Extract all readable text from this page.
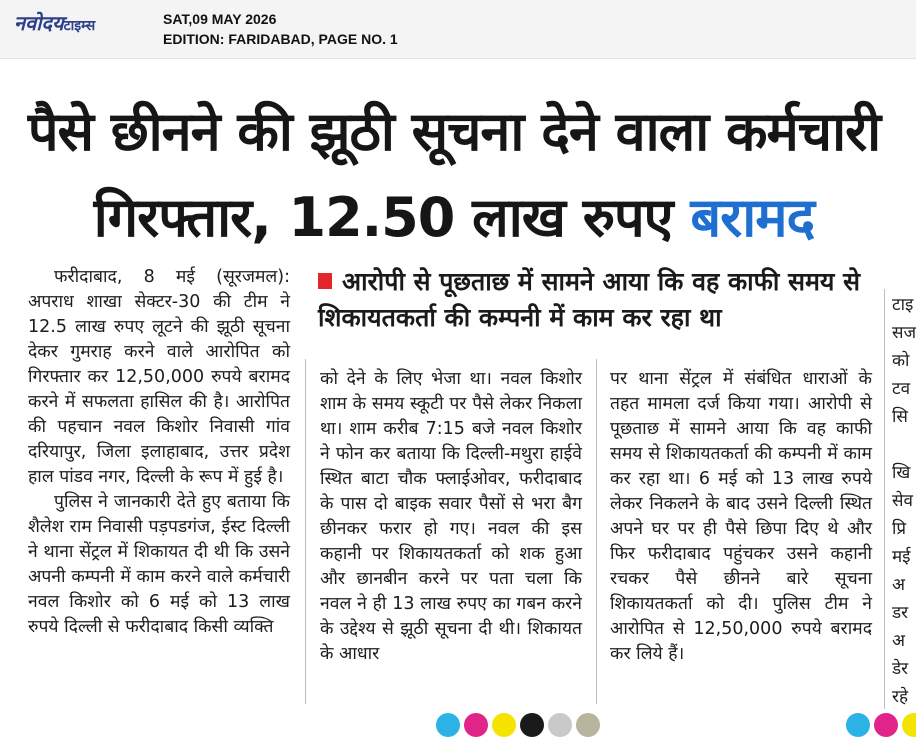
नवोदयटाइम्स	SAT,09 MAY 2026
EDITION: FARIDABAD, PAGE NO. 1
पैसे छीनने की झूठी सूचना देने वाला कर्मचारी
गिरफ्तार, 12.50 लाख रुपए बरामद
आरोपी से पूछताछ में सामने आया कि वह काफी समय से शिकायतकर्ता की कम्पनी में काम कर रहा था

फरीदाबाद, 8 मई (सूरजमल): अपराध शाखा सेक्टर-30 की टीम ने 12.5 लाख रुपए लूटने की झूठी सूचना देकर गुमराह करने वाले आरोपित को गिरफ्तार कर 12,50,000 रुपये बरामद करने में सफलता हासिल की है। आरोपित की पहचान नवल किशोर निवासी गांव दरियापुर, जिला इलाहाबाद, उत्तर प्रदेश हाल पांडव नगर, दिल्ली के रूप में हुई है।

पुलिस ने जानकारी देते हुए बताया कि शैलेश राम निवासी पड़पडगंज, ईस्ट दिल्ली ने थाना सेंट्रल में शिकायत दी थी कि उसने अपनी कम्पनी में काम करने वाले कर्मचारी नवल किशोर को 6 मई को 13 लाख रुपये दिल्ली से फरीदाबाद किसी व्यक्ति

को देने के लिए भेजा था। नवल किशोर शाम के समय स्कूटी पर पैसे लेकर निकला था। शाम करीब 7:15 बजे नवल किशोर ने फोन कर बताया कि दिल्ली-मथुरा हाईवे स्थित बाटा चौक फ्लाईओवर, फरीदाबाद के पास दो बाइक सवार पैसों से भरा बैग छीनकर फरार हो गए। नवल की इस कहानी पर शिकायतकर्ता को शक हुआ और छानबीन करने पर पता चला कि नवल ने ही 13 लाख रुपए का गबन करने के उद्देश्य से झूठी सूचना दी थी। शिकायत के आधार

पर थाना सेंट्रल में संबंधित धाराओं के तहत मामला दर्ज किया गया। आरोपी से पूछताछ में सामने आया कि वह काफी समय से शिकायतकर्ता की कम्पनी में काम कर रहा था। 6 मई को 13 लाख रुपये लेकर निकलने के बाद उसने दिल्ली स्थित अपने घर पर ही पैसे छिपा दिए थे और फिर फरीदाबाद पहुंचकर उसने कहानी रचकर पैसे छीनने बारे सूचना शिकायतकर्ता को दी। पुलिस टीम ने आरोपित से 12,50,000 रुपये बरामद कर लिये हैं।

टाइ
सज
को
टव
सि

खि
सेव
प्रि
मई
अ
डर
अ
डेर
रहे
